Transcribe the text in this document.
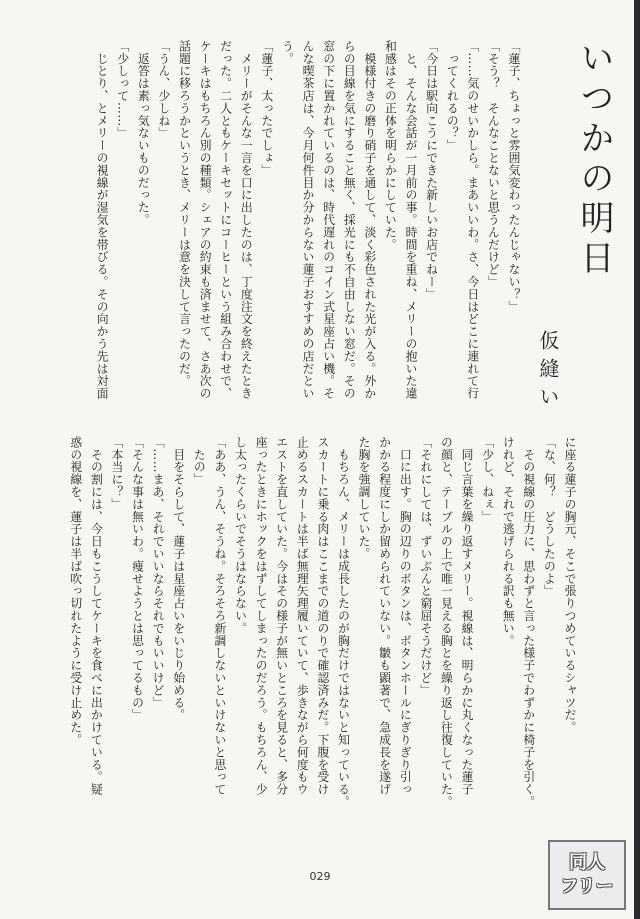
いつかの明日
仮縫い
「蓮子、ちょっと雰囲気変わったんじゃない？」
「そう？　そんなことないと思うんだけど」
「……気のせいかしら。まあいいわ。さ、今日はどこに連れて行
　ってくれるの？」
「今日は駅向こうにできた新しいお店でねー」
　と、そんな会話が一月前の事。時間を重ね、メリーの抱いた違
和感はその正体を明らかにしていた。
　模様付きの磨り硝子を通して、淡く彩色された光が入る。外か
らの目線を気にすること無く、採光にも不自由しない窓だ。その
窓の下に置かれているのは、時代遅れのコイン式星座占い機。そ
んな喫茶店は、今月何件目か分からない蓮子おすすめの店だとい
う。
「蓮子、太ったでしょ」
　メリーがそんな一言を口に出したのは、丁度注文を終えたとき
だった。二人ともケーキセットにコーヒーという組み合わせで、
ケーキはもちろん別の種類。シェアの約束も済ませて、さあ次の
話題に移ろうかというとき、メリーは意を決して言ったのだ。
「うん、少しね」
　返答は素っ気ないものだった。
「少しって……」
　じとり、とメリーの視線が湿気を帯びる。その向かう先は対面
に座る蓮子の胸元、そこで張りつめているシャツだ。
「な、何？　どうしたのよ」
　その視線の圧力に、思わずと言った様子でわずかに椅子を引く。
けれど、それで逃げられる訳も無い。
「少し、ねぇ」
　同じ言葉を繰り返すメリー。視線は、明らかに丸くなった蓮子
の顔と、テーブルの上で唯一見える胸とを繰り返し往復していた。
「それにしては、ずいぶんと窮屈そうだけど」
　口に出す。胸の辺りのボタンは、ボタンホールにぎりぎり引っ
かかる程度にしか留められていない。皺も顕著で、急成長を遂げ
た胸を強調していた。
　もちろん、メリーは成長したのが胸だけではないと知っている。
スカートに乗る肉はここまでの道のりで確認済みだ。下腹を受け
止めるスカートは半ば無理矢理履いていて、歩きながら何度もウ
エストを直していた。今はその様子が無いところを見ると、多分
座ったときにホックをはずしてしまったのだろう。もちろん、少
し太ったくらいでそうはならない。
「ああ、うん、そうね。そろそろ新調しないといけないと思って
　たの」
　目をそらして、蓮子は星座占いをいじり始める。
「……まあ、それでいいならそれでもいいけど」
「そんな事は無いわ。痩せようとは思ってるもの」
「本当に？」
　その割には、今日もこうしてケーキを食べに出かけている。疑
惑の視線を、蓮子は半ば吹っ切れたように受け止めた。
029
同人
フリー
